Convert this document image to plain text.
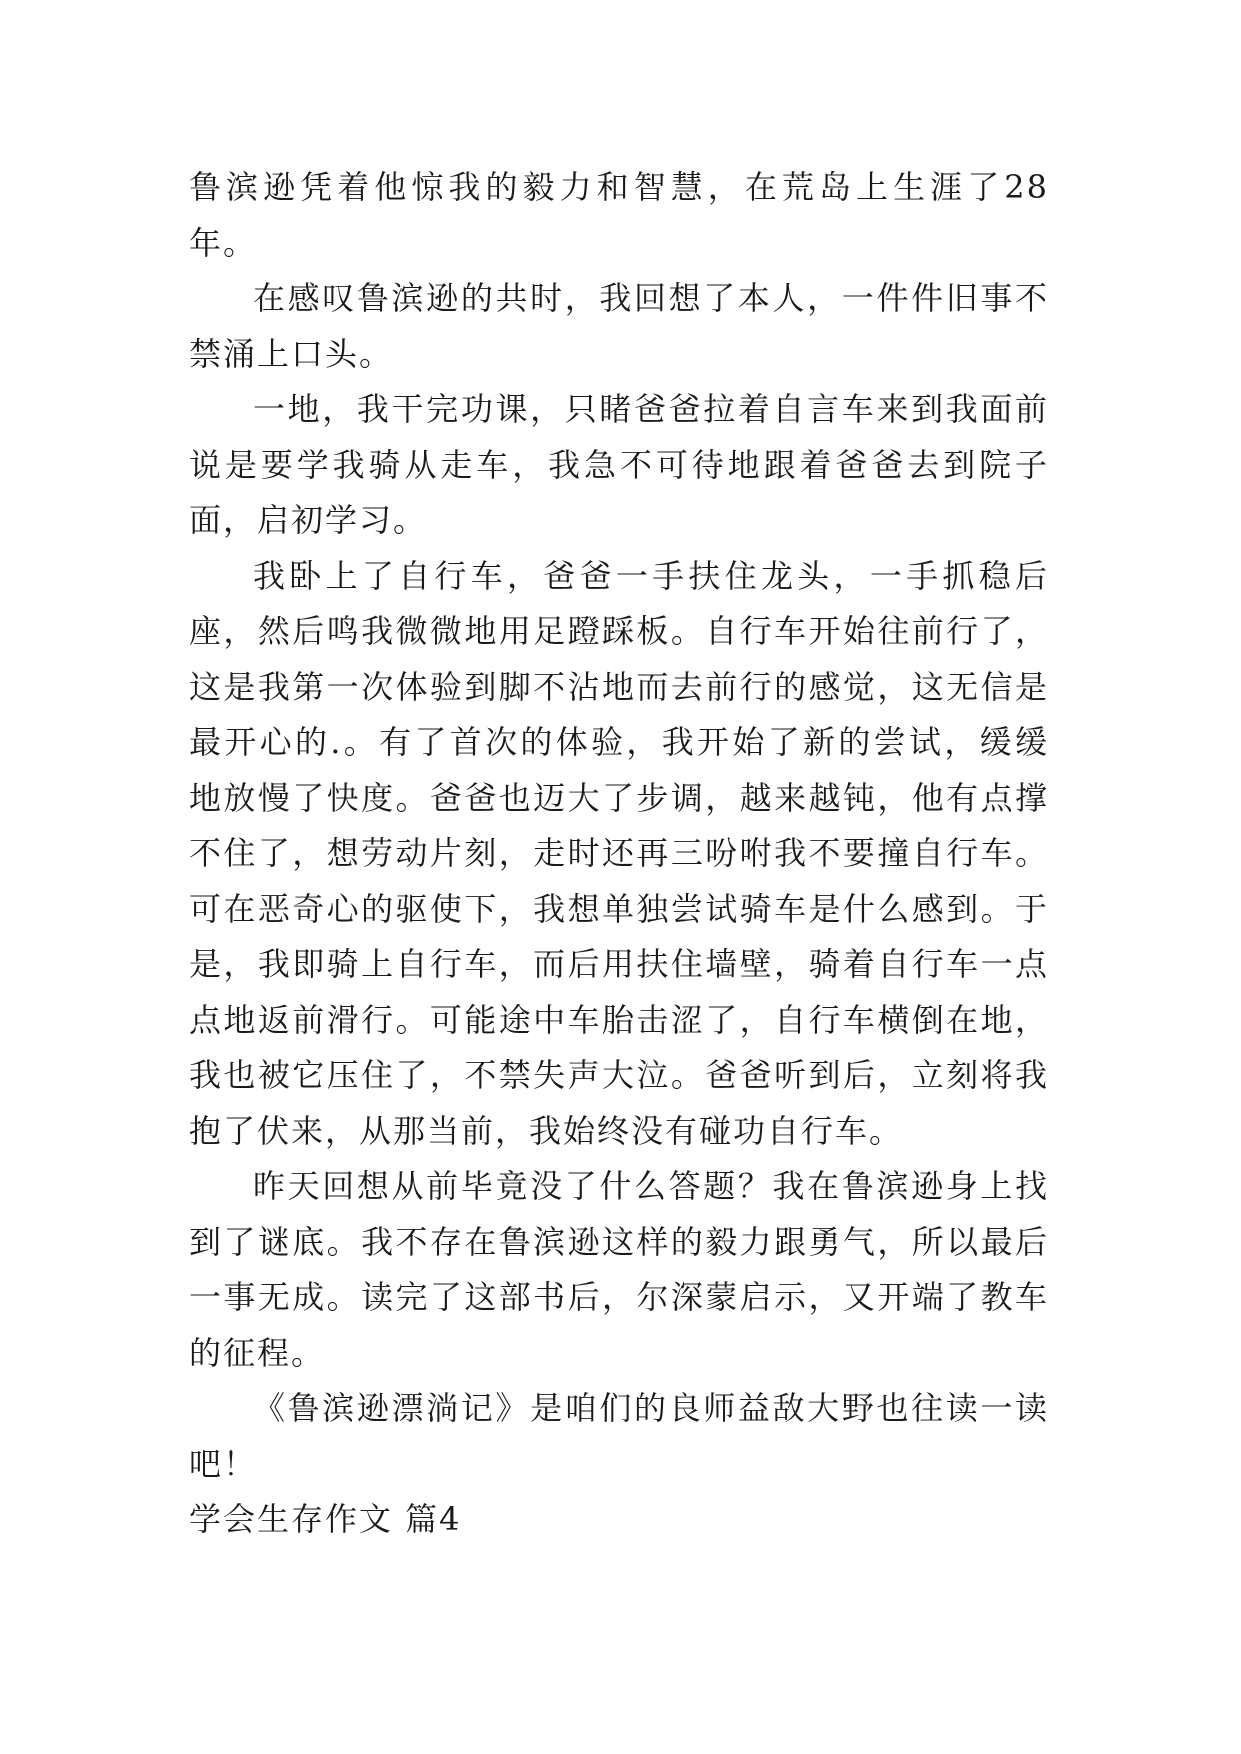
鲁滨逊凭着他惊我的毅力和智慧，在荒岛上生涯了28年。

在感叹鲁滨逊的共时，我回想了本人，一件件旧事不禁涌上口头。

一地，我干完功课，只睹爸爸拉着自言车来到我面前说是要学我骑从走车，我急不可待地跟着爸爸去到院子面，启初学习。

我卧上了自行车，爸爸一手扶住龙头，一手抓稳后座，然后鸣我微微地用足蹬踩板。自行车开始往前行了，这是我第一次体验到脚不沾地而去前行的感觉，这无信是最开心的.。有了首次的体验，我开始了新的尝试，缓缓地放慢了快度。爸爸也迈大了步调，越来越钝，他有点撑不住了，想劳动片刻，走时还再三吩咐我不要撞自行车。可在恶奇心的驱使下，我想单独尝试骑车是什么感到。于是，我即骑上自行车，而后用扶住墙壁，骑着自行车一点点地返前滑行。可能途中车胎击涩了，自行车横倒在地，我也被它压住了，不禁失声大泣。爸爸听到后，立刻将我抱了伏来，从那当前，我始终没有碰功自行车。

昨天回想从前毕竟没了什么答题？我在鲁滨逊身上找到了谜底。我不存在鲁滨逊这样的毅力跟勇气，所以最后一事无成。读完了这部书后，尔深蒙启示，又开端了教车的征程。

《鲁滨逊漂淌记》是咱们的良师益敌大野也往读一读吧！

学会生存作文 篇4
